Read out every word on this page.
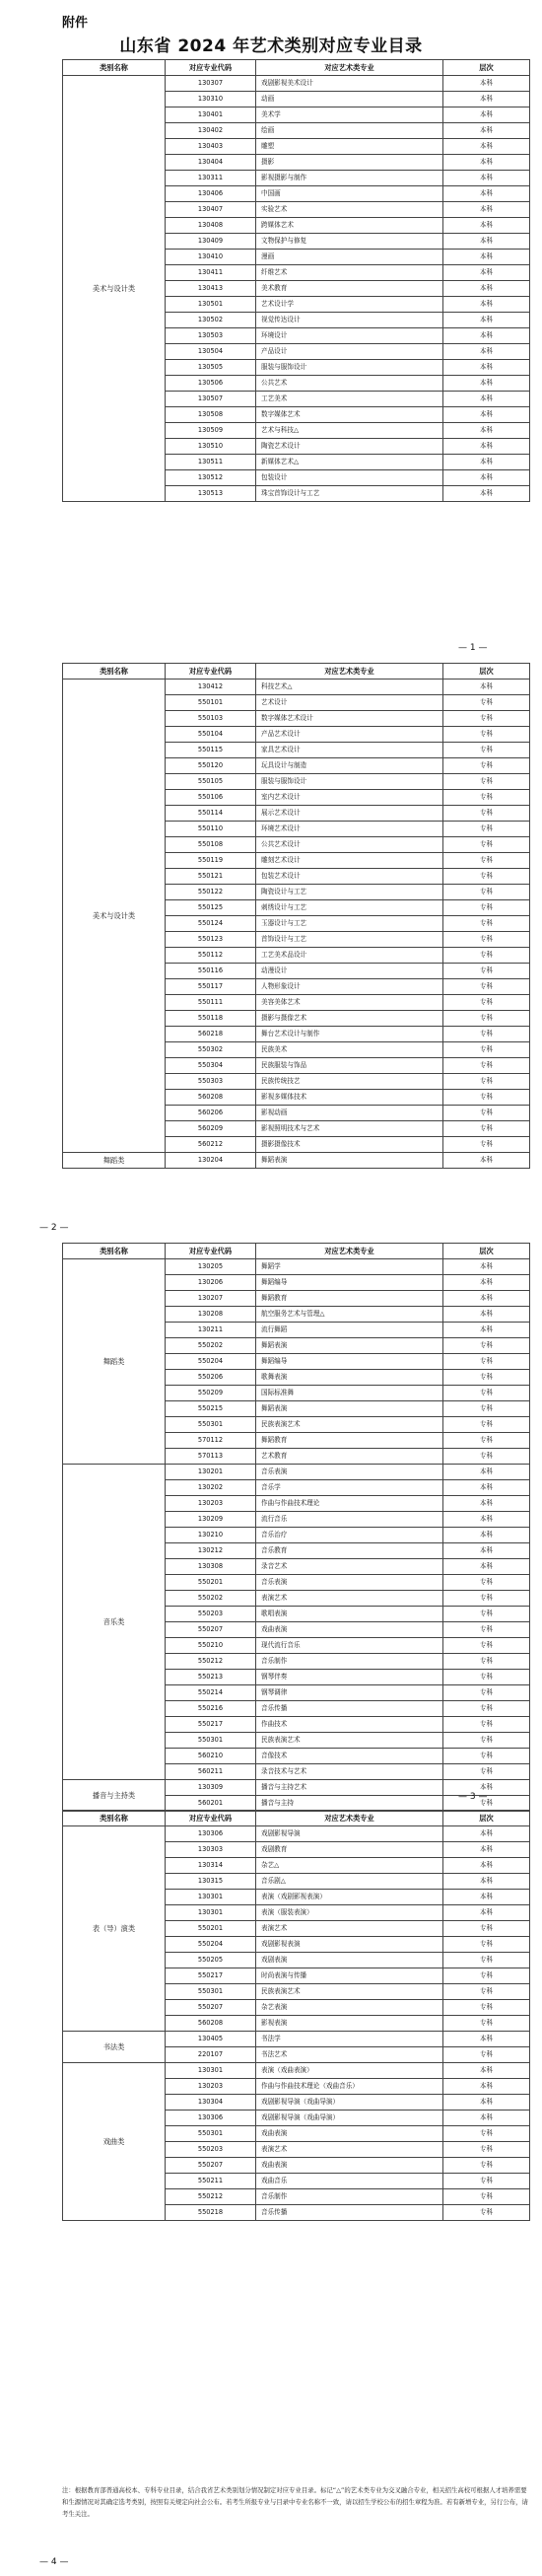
附件
山东省 2024 年艺术类别对应专业目录
注：根据教育部普通高校本、专科专业目录，结合我省艺术类别划分情况制定对应专业目录。标记“△”的艺术类专业为交叉融合专业，相关招生高校可根据人才培养需要和生源情况对其确定选考类别，按照有关规定向社会公布。若考生所报专业与目录中专业名称不一致，请以招生学校公布的招生章程为准。若有新增专业，另行公布，请考生关注。
类别名称	对应专业代码	对应艺术类专业	层次
美术与设计类	130307	戏剧影视美术设计	本科
	130310	动画	本科
	130401	美术学	本科
	130402	绘画	本科
	130403	雕塑	本科
	130404	摄影	本科
	130311	影视摄影与制作	本科
	130406	中国画	本科
	130407	实验艺术	本科
	130408	跨媒体艺术	本科
	130409	文物保护与修复	本科
	130410	漫画	本科
	130411	纤维艺术	本科
	130413	美术教育	本科
	130501	艺术设计学	本科
	130502	视觉传达设计	本科
	130503	环境设计	本科
	130504	产品设计	本科
	130505	服装与服饰设计	本科
	130506	公共艺术	本科
	130507	工艺美术	本科
	130508	数字媒体艺术	本科
	130509	艺术与科技△	本科
	130510	陶瓷艺术设计	本科
	130511	新媒体艺术△	本科
	130512	包装设计	本科
	130513	珠宝首饰设计与工艺	本科
— 1 —
类别名称	对应专业代码	对应艺术类专业	层次
美术与设计类	130412	科技艺术△	本科
	550101	艺术设计	专科
	550103	数字媒体艺术设计	专科
	550104	产品艺术设计	专科
	550115	家具艺术设计	专科
	550120	玩具设计与制造	专科
	550105	服装与服饰设计	专科
	550106	室内艺术设计	专科
	550114	展示艺术设计	专科
	550110	环境艺术设计	专科
	550108	公共艺术设计	专科
	550119	雕刻艺术设计	专科
	550121	包装艺术设计	专科
	550122	陶瓷设计与工艺	专科
	550125	刺绣设计与工艺	专科
	550124	玉器设计与工艺	专科
	550123	首饰设计与工艺	专科
	550112	工艺美术品设计	专科
	550116	动漫设计	专科
	550117	人物形象设计	专科
	550111	美容美体艺术	专科
	550118	摄影与摄像艺术	专科
	560218	舞台艺术设计与制作	专科
	550302	民族美术	专科
	550304	民族服装与饰品	专科
	550303	民族传统技艺	专科
	560208	影视多媒体技术	专科
	560206	影视动画	专科
	560209	影视照明技术与艺术	专科
	560212	摄影摄像技术	专科
舞蹈类	130204	舞蹈表演	本科
— 2 —
类别名称	对应专业代码	对应艺术类专业	层次
舞蹈类	130205	舞蹈学	本科
	130206	舞蹈编导	本科
	130207	舞蹈教育	本科
	130208	航空服务艺术与管理△	本科
	130211	流行舞蹈	本科
	550202	舞蹈表演	专科
	550204	舞蹈编导	专科
	550206	歌舞表演	专科
	550209	国际标准舞	专科
	550215	舞蹈表演	专科
	550301	民族表演艺术	专科
	570112	舞蹈教育	专科
	570113	艺术教育	专科
音乐类	130201	音乐表演	本科
	130202	音乐学	本科
	130203	作曲与作曲技术理论	本科
	130209	流行音乐	本科
	130210	音乐治疗	本科
	130212	音乐教育	本科
	130308	录音艺术	本科
	550201	音乐表演	专科
	550202	表演艺术	专科
	550203	歌唱表演	专科
	550207	戏曲表演	专科
	550210	现代流行音乐	专科
	550212	音乐制作	专科
	550213	钢琴伴奏	专科
	550214	钢琴调律	专科
	550216	音乐传播	专科
	550217	作曲技术	专科
	550301	民族表演艺术	专科
	560210	音像技术	专科
	560211	录音技术与艺术	专科
播音与主持类	130309	播音与主持艺术	本科
	560201	播音与主持	专科
— 3 —
类别名称	对应专业代码	对应艺术类专业	层次
表（导）演类	130306	戏剧影视导演	本科
	130303	戏剧教育	本科
	130314	杂艺△	本科
	130315	音乐剧△	本科
	130301	表演（戏剧影视表演）	本科
	130301	表演（服装表演）	本科
	550201	表演艺术	专科
	550204	戏剧影视表演	专科
	550205	戏剧表演	专科
	550217	时尚表演与传播	专科
	550301	民族表演艺术	专科
	550207	杂艺表演	专科
	560208	影视表演	专科
书法类	130405	书法学	本科
	220107	书法艺术	专科
戏曲类	130301	表演（戏曲表演）	本科
	130203	作曲与作曲技术理论（戏曲音乐）	本科
	130304	戏剧影视导演（戏曲导演）	本科
	130306	戏剧影视导演（戏曲导演）	本科
	550301	戏曲表演	专科
	550203	表演艺术	专科
	550207	戏曲表演	专科
	550211	戏曲音乐	专科
	550212	音乐制作	专科
	550218	音乐传播	专科
— 4 —
